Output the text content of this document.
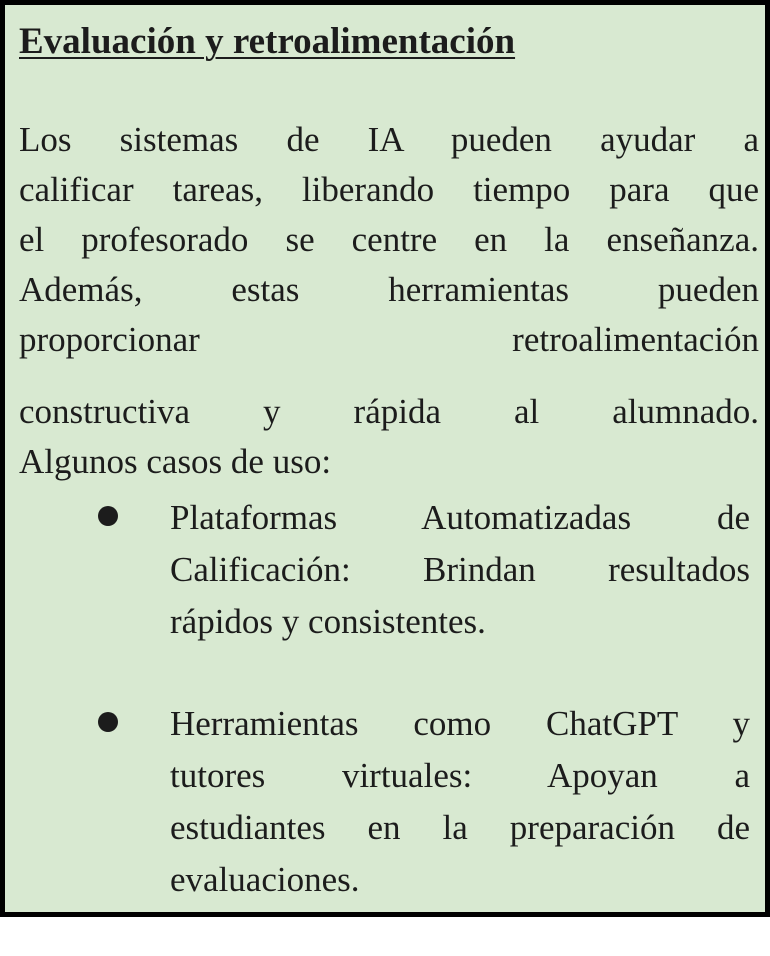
Evaluación y retroalimentación

Los sistemas de IA pueden ayudar a
calificar tareas, liberando tiempo para que
el profesorado se centre en la enseñanza.
Además, estas herramientas pueden
proporcionar retroalimentación
constructiva y rápida al alumnado.
Algunos casos de uso:

Plataformas Automatizadas de
Calificación: Brindan resultados
rápidos y consistentes.
Herramientas como ChatGPT y
tutores virtuales: Apoyan a
estudiantes en la preparación de
evaluaciones.
